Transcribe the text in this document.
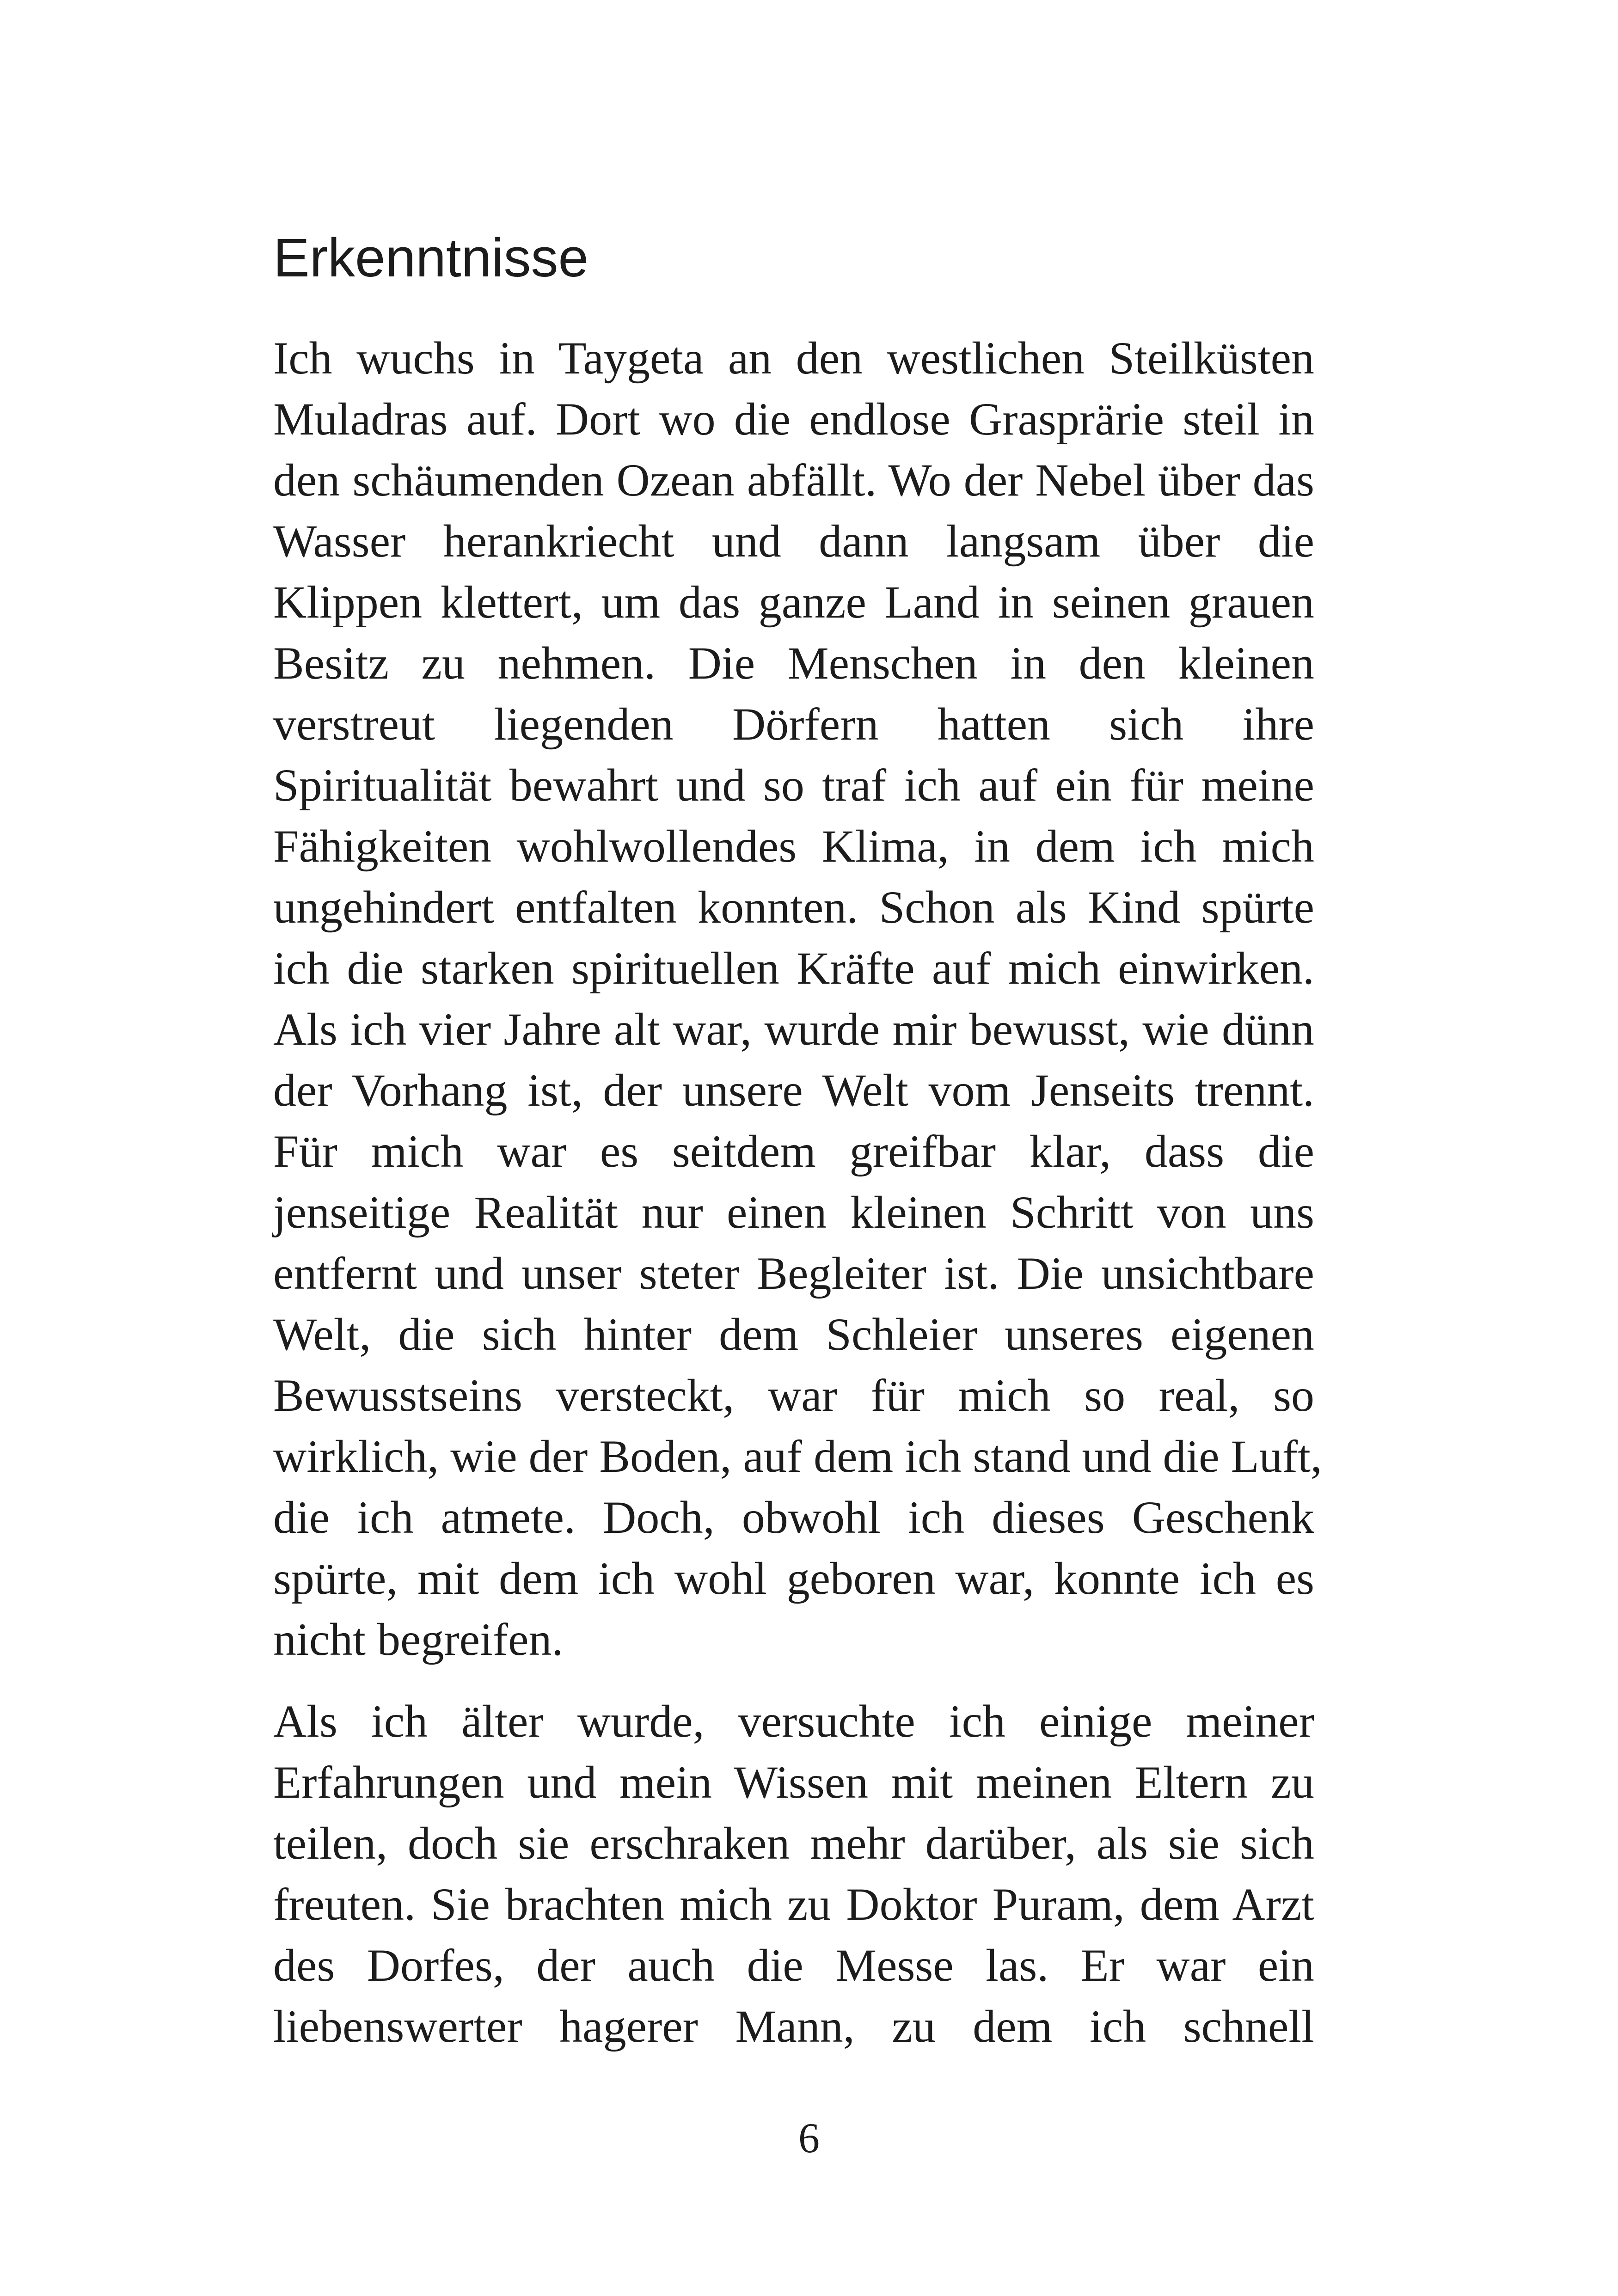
Erkenntnisse
Ich wuchs in Taygeta an den westlichen Steilküsten
Muladras auf. Dort wo die endlose Grasprärie steil in
den schäumenden Ozean abfällt. Wo der Nebel über das
Wasser herankriecht und dann langsam über die
Klippen klettert, um das ganze Land in seinen grauen
Besitz zu nehmen. Die Menschen in den kleinen
verstreut liegenden Dörfern hatten sich ihre
Spiritualität bewahrt und so traf ich auf ein für meine
Fähigkeiten wohlwollendes Klima, in dem ich mich
ungehindert entfalten konnten. Schon als Kind spürte
ich die starken spirituellen Kräfte auf mich einwirken.
Als ich vier Jahre alt war, wurde mir bewusst, wie dünn
der Vorhang ist, der unsere Welt vom Jenseits trennt.
Für mich war es seitdem greifbar klar, dass die
jenseitige Realität nur einen kleinen Schritt von uns
entfernt und unser steter Begleiter ist. Die unsichtbare
Welt, die sich hinter dem Schleier unseres eigenen
Bewusstseins versteckt, war für mich so real, so
wirklich, wie der Boden, auf dem ich stand und die Luft,
die ich atmete. Doch, obwohl ich dieses Geschenk
spürte, mit dem ich wohl geboren war, konnte ich es
nicht begreifen.
Als ich älter wurde, versuchte ich einige meiner
Erfahrungen und mein Wissen mit meinen Eltern zu
teilen, doch sie erschraken mehr darüber, als sie sich
freuten. Sie brachten mich zu Doktor Puram, dem Arzt
des Dorfes, der auch die Messe las. Er war ein
liebenswerter hagerer Mann, zu dem ich schnell
6
